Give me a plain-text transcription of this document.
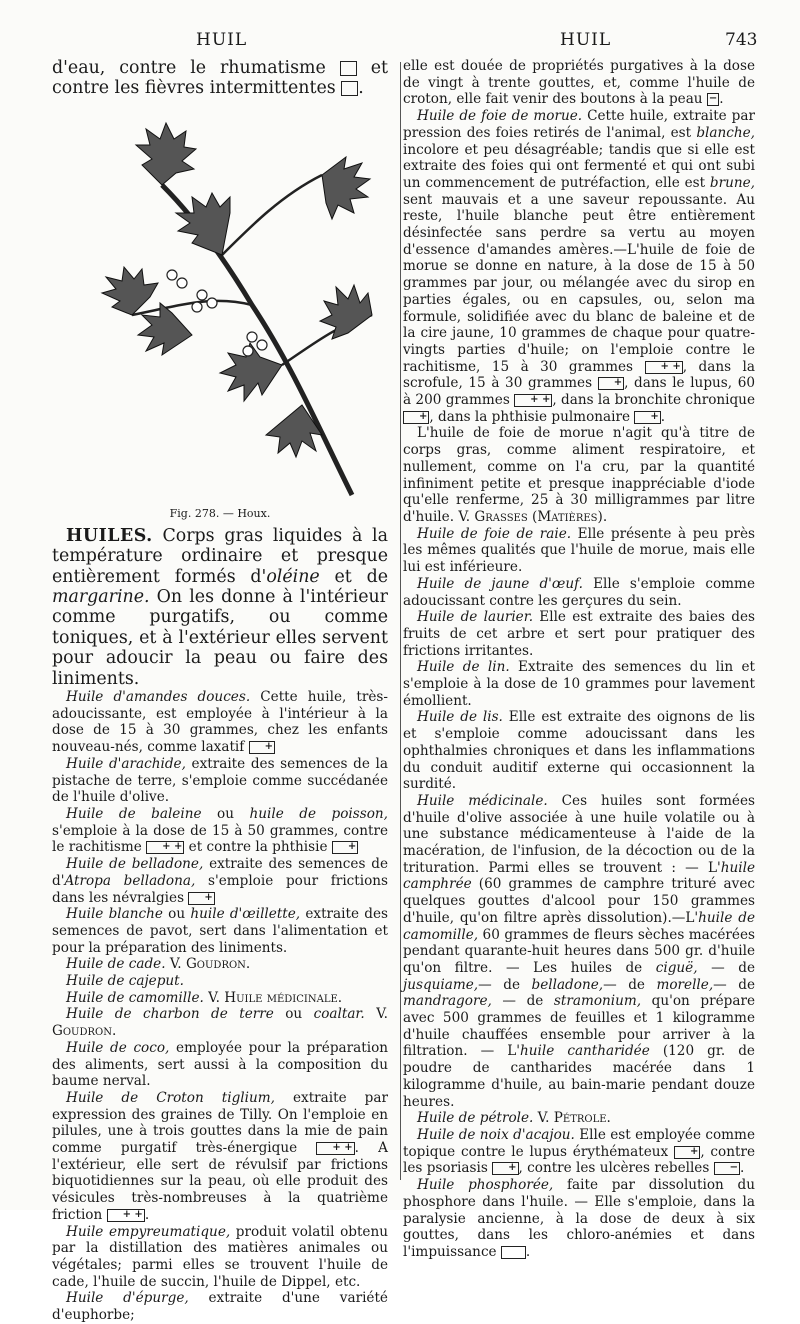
HUIL	HUIL	743

d'eau, contre le rhumatisme  et contre les fièvres intermittentes .

Fig. 278. — Houx.

HUILES. Corps gras liquides à la température ordinaire et presque entièrement formés d'oléine et de margarine. On les donne à l'intérieur comme purgatifs, ou comme toniques, et à l'extérieur elles servent pour adoucir la peau ou faire des liniments.

Huile d'amandes douces. Cette huile, très-adoucissante, est employée à l'intérieur à la dose de 15 à 30 grammes, chez les enfants nouveau-nés, comme laxatif +

Huile d'arachide, extraite des semences de la pistache de terre, s'emploie comme succédanée de l'huile d'olive.

Huile de baleine ou huile de poisson, s'emploie à la dose de 15 à 50 grammes, contre le rachitisme + + et contre la phthisie +

Huile de belladone, extraite des semences de d'Atropa belladona, s'emploie pour frictions dans les névralgies +

Huile blanche ou huile d'œillette, extraite des semences de pavot, sert dans l'alimentation et pour la préparation des liniments.

Huile de cade. V. Goudron.

Huile de cajeput.

Huile de camomille. V. Huile médicinale.

Huile de charbon de terre ou coaltar. V. Goudron.

Huile de coco, employée pour la préparation des aliments, sert aussi à la composition du baume nerval.

Huile de Croton tiglium, extraite par expression des graines de Tilly. On l'emploie en pilules, une à trois gouttes dans la mie de pain comme purgatif très-énergique + + . A l'extérieur, elle sert de révulsif par frictions biquotidiennes sur la peau, où elle produit des vésicules très-nombreuses à la quatrième friction + + .

Huile empyreumatique, produit volatil obtenu par la distillation des matières animales ou végétales; parmi elles se trouvent l'huile de cade, l'huile de succin, l'huile de Dippel, etc.

Huile d'épurge, extraite d'une variété d'euphorbe;

elle est douée de propriétés purgatives à la dose de vingt à trente gouttes, et, comme l'huile de croton, elle fait venir des boutons à la peau − .

Huile de foie de morue. Cette huile, extraite par pression des foies retirés de l'animal, est blanche, incolore et peu désagréable; tandis que si elle est extraite des foies qui ont fermenté et qui ont subi un commencement de putréfaction, elle est brune, sent mauvais et a une saveur repoussante. Au reste, l'huile blanche peut être entièrement désinfectée sans perdre sa vertu au moyen d'essence d'amandes amères.—L'huile de foie de morue se donne en nature, à la dose de 15 à 50 grammes par jour, ou mélangée avec du sirop en parties égales, ou en capsules, ou, selon ma formule, solidifiée avec du blanc de baleine et de la cire jaune, 10 grammes de chaque pour quatre-vingts parties d'huile; on l'emploie contre le rachitisme, 15 à 30 grammes + + , dans la scrofule, 15 à 30 grammes + , dans le lupus, 60 à 200 grammes + + , dans la bronchite chronique + , dans la phthisie pulmonaire + .

L'huile de foie de morue n'agit qu'à titre de corps gras, comme aliment respiratoire, et nullement, comme on l'a cru, par la quantité infiniment petite et presque inappréciable d'iode qu'elle renferme, 25 à 30 milligrammes par litre d'huile. V. Grasses (Matières).

Huile de foie de raie. Elle présente à peu près les mêmes qualités que l'huile de morue, mais elle lui est inférieure.

Huile de jaune d'œuf. Elle s'emploie comme adoucissant contre les gerçures du sein.

Huile de laurier. Elle est extraite des baies des fruits de cet arbre et sert pour pratiquer des frictions irritantes.

Huile de lin. Extraite des semences du lin et s'emploie à la dose de 10 grammes pour lavement émollient.

Huile de lis. Elle est extraite des oignons de lis et s'emploie comme adoucissant dans les ophthalmies chroniques et dans les inflammations du conduit auditif externe qui occasionnent la surdité.

Huile médicinale. Ces huiles sont formées d'huile d'olive associée à une huile volatile ou à une substance médicamenteuse à l'aide de la macération, de l'infusion, de la décoction ou de la trituration. Parmi elles se trouvent : — L'huile camphrée (60 grammes de camphre trituré avec quelques gouttes d'alcool pour 150 grammes d'huile, qu'on filtre après dissolution).—L'huile de camomille, 60 grammes de fleurs sèches macérées pendant quarante-huit heures dans 500 gr. d'huile qu'on filtre. — Les huiles de ciguë, — de jusquiame,— de belladone,— de morelle,— de mandragore, — de stramonium, qu'on prépare avec 500 grammes de feuilles et 1 kilogramme d'huile chauffées ensemble pour arriver à la filtration. — L'huile cantharidée (120 gr. de poudre de cantharides macérée dans 1 kilogramme d'huile, au bain-marie pendant douze heures.

Huile de pétrole. V. Pétrole.

Huile de noix d'acajou. Elle est employée comme topique contre le lupus érythémateux + , contre les psoriasis + , contre les ulcères rebelles − .

Huile phosphorée, faite par dissolution du phosphore dans l'huile. — Elle s'emploie, dans la paralysie ancienne, à la dose de deux à six gouttes, dans les chloro-anémies et dans l'impuissance   .
